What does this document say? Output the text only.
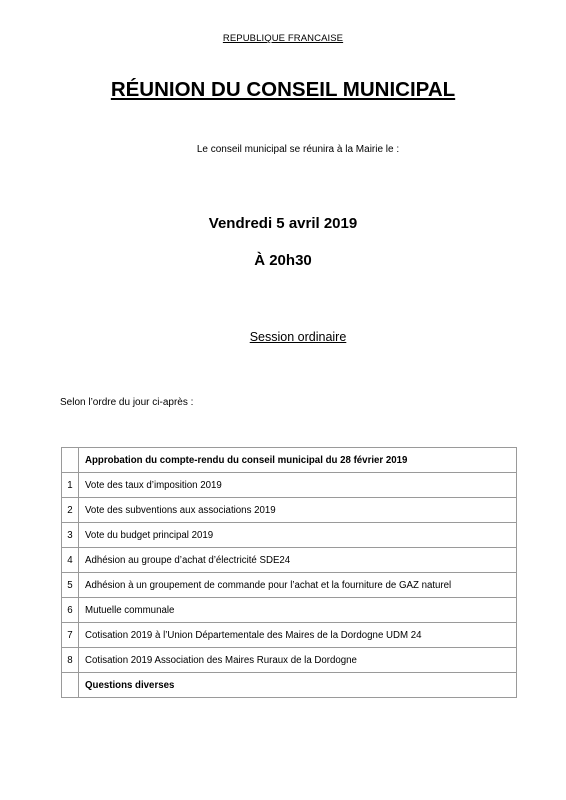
REPUBLIQUE FRANCAISE
RÉUNION DU CONSEIL MUNICIPAL
Le conseil municipal se réunira à la Mairie le :
Vendredi 5 avril 2019
À 20h30
Session ordinaire
Selon l’ordre du jour ci-après :
	Approbation du compte-rendu du conseil municipal du 28 février 2019
1	Vote des taux d’imposition 2019
2	Vote des subventions aux associations 2019
3	Vote du budget principal 2019
4	Adhésion au groupe d’achat d’électricité SDE24
5	Adhésion à un groupement de commande pour l’achat et la fourniture de GAZ naturel
6	Mutuelle communale
7	Cotisation 2019 à l’Union Départementale des Maires de la Dordogne UDM 24
8	Cotisation 2019 Association des Maires Ruraux de la Dordogne
	Questions diverses
